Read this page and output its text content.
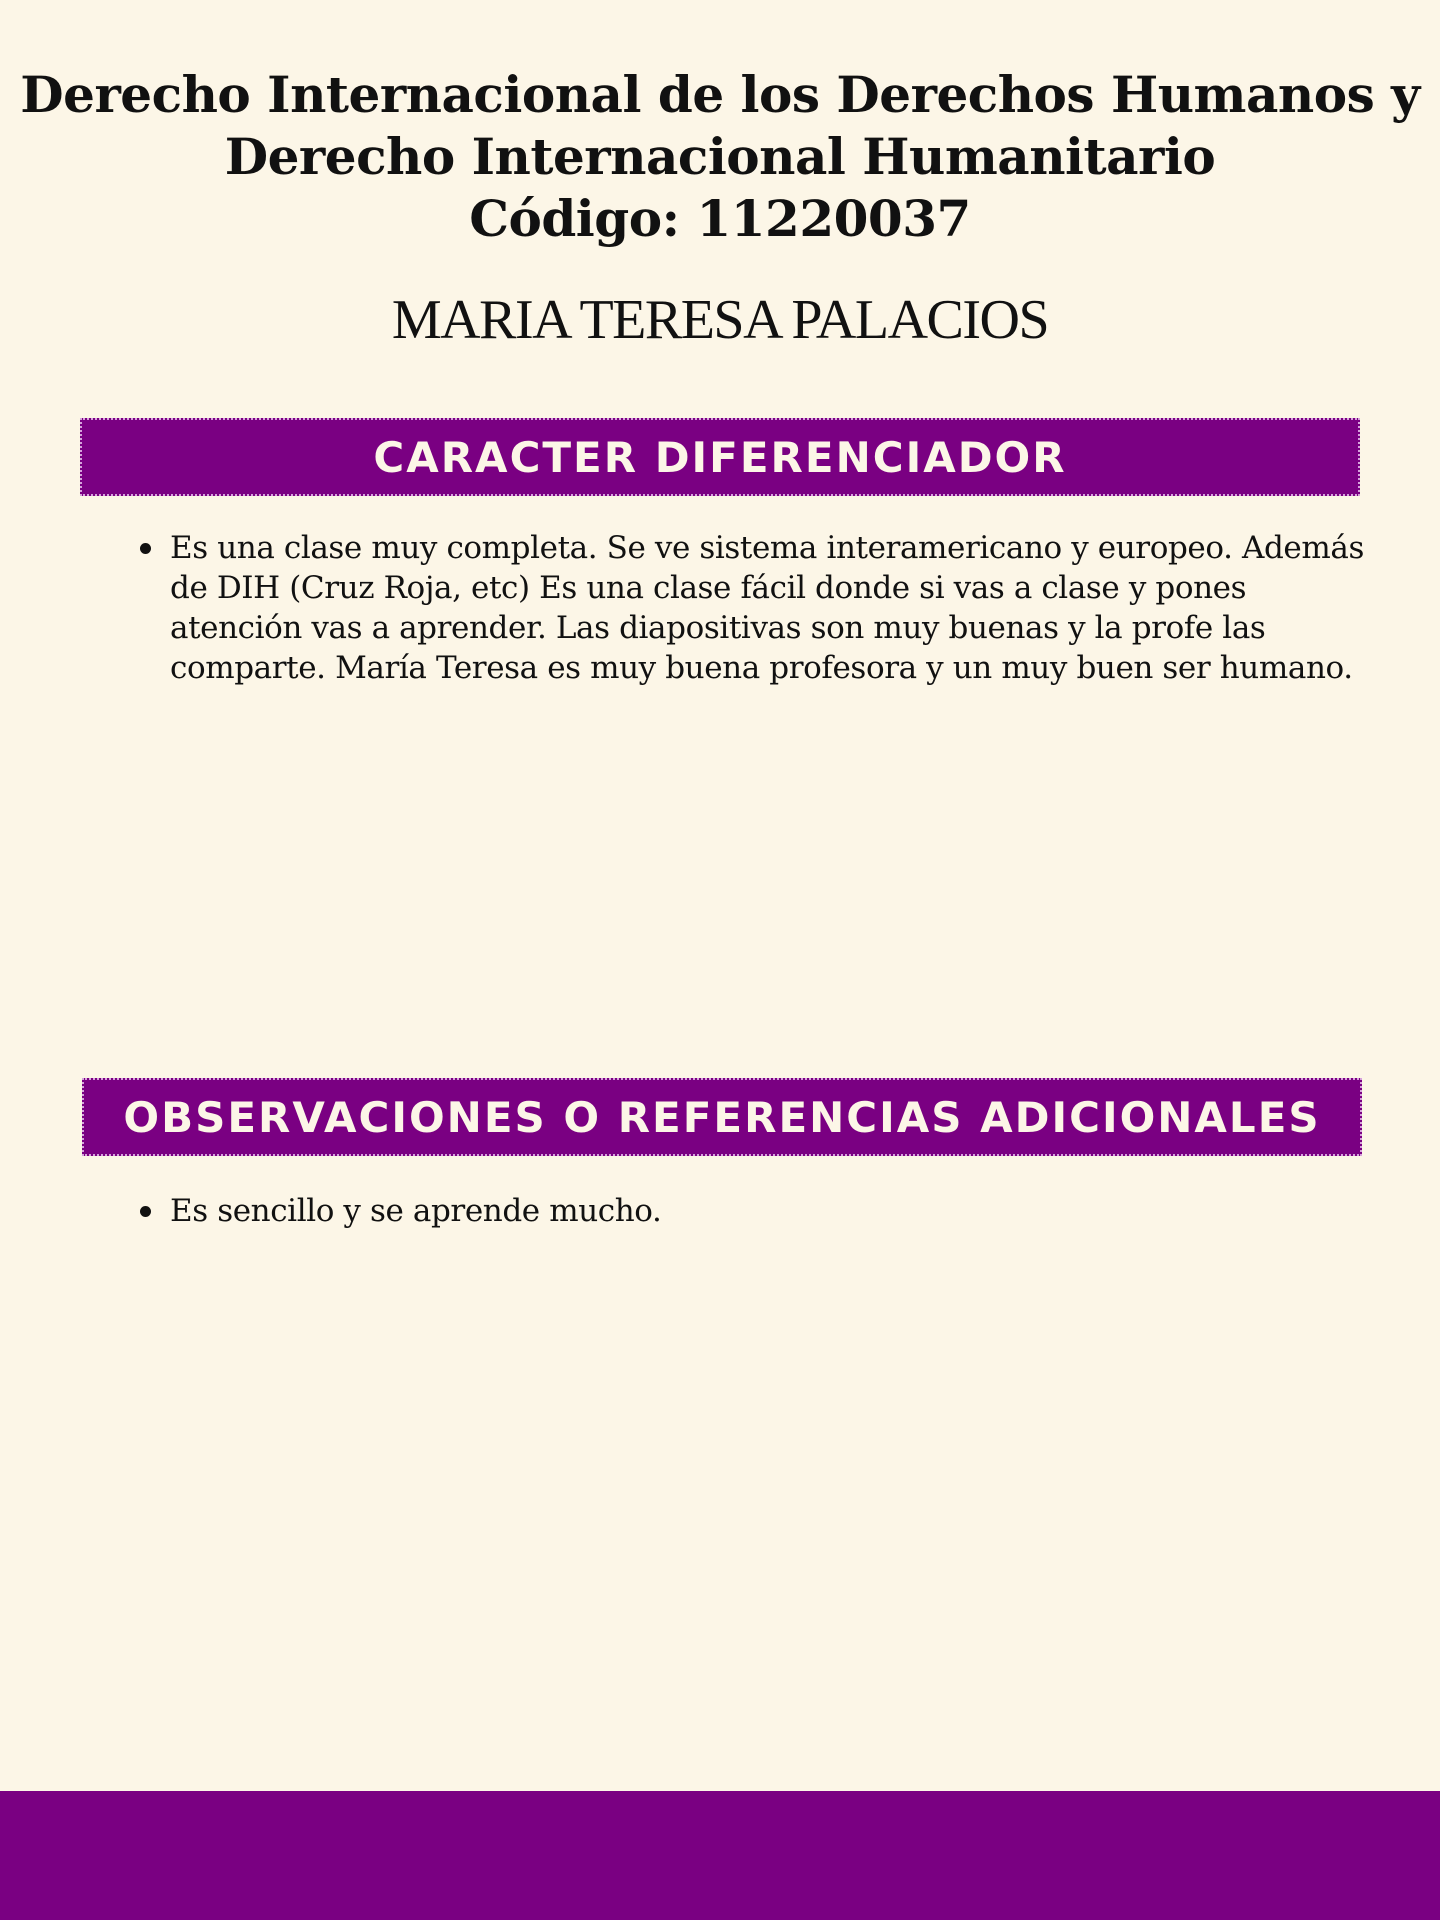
Derecho Internacional de los Derechos Humanos y
Derecho Internacional Humanitario
Código: 11220037
MARIA TERESA PALACIOS
CARACTER DIFERENCIADOR
Es una clase muy completa. Se ve sistema interamericano y europeo. Además de DIH (Cruz Roja, etc) Es una clase fácil donde si vas a clase y pones atención vas a aprender. Las diapositivas son muy buenas y la profe las comparte. María Teresa es muy buena profesora y un muy buen ser humano.
OBSERVACIONES O REFERENCIAS ADICIONALES
Es sencillo y se aprende mucho.
